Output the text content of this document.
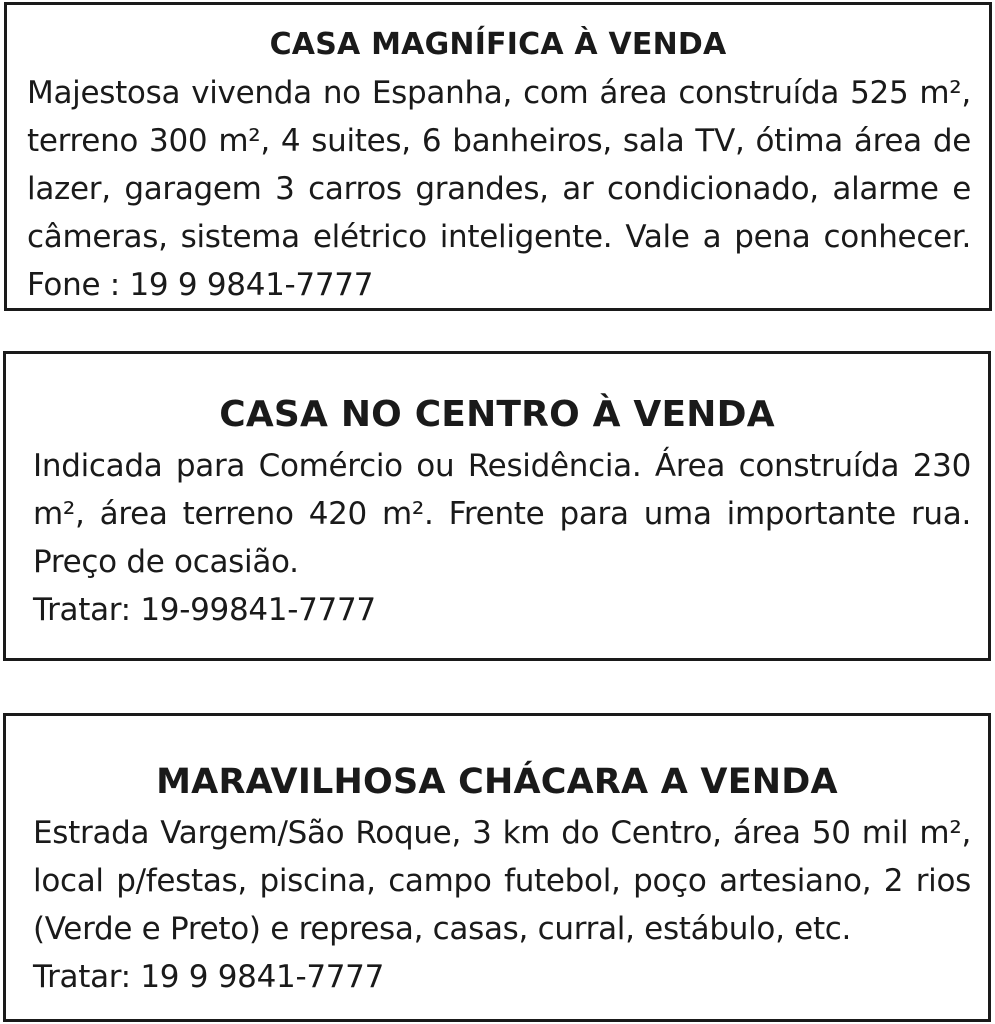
CASA MAGNÍFICA À VENDA

Majestosa vivenda no Espanha, com área construída 525 m²,

terreno 300 m², 4 suites, 6 banheiros, sala TV, ótima área de

lazer, garagem 3 carros grandes, ar condicionado, alarme e

câmeras, sistema elétrico inteligente. Vale a pena conhecer.

Fone : 19 9 9841-7777

CASA NO CENTRO À VENDA

Indicada para Comércio ou Residência. Área construída 230

m², área terreno 420 m². Frente para uma importante rua.

Preço de ocasião.

Tratar: 19-99841-7777

MARAVILHOSA CHÁCARA A VENDA

Estrada Vargem/São Roque, 3 km do Centro, área 50 mil m²,

local p/festas, piscina, campo futebol, poço artesiano, 2 rios

(Verde e Preto) e represa, casas, curral, estábulo, etc.

Tratar: 19 9 9841-7777
